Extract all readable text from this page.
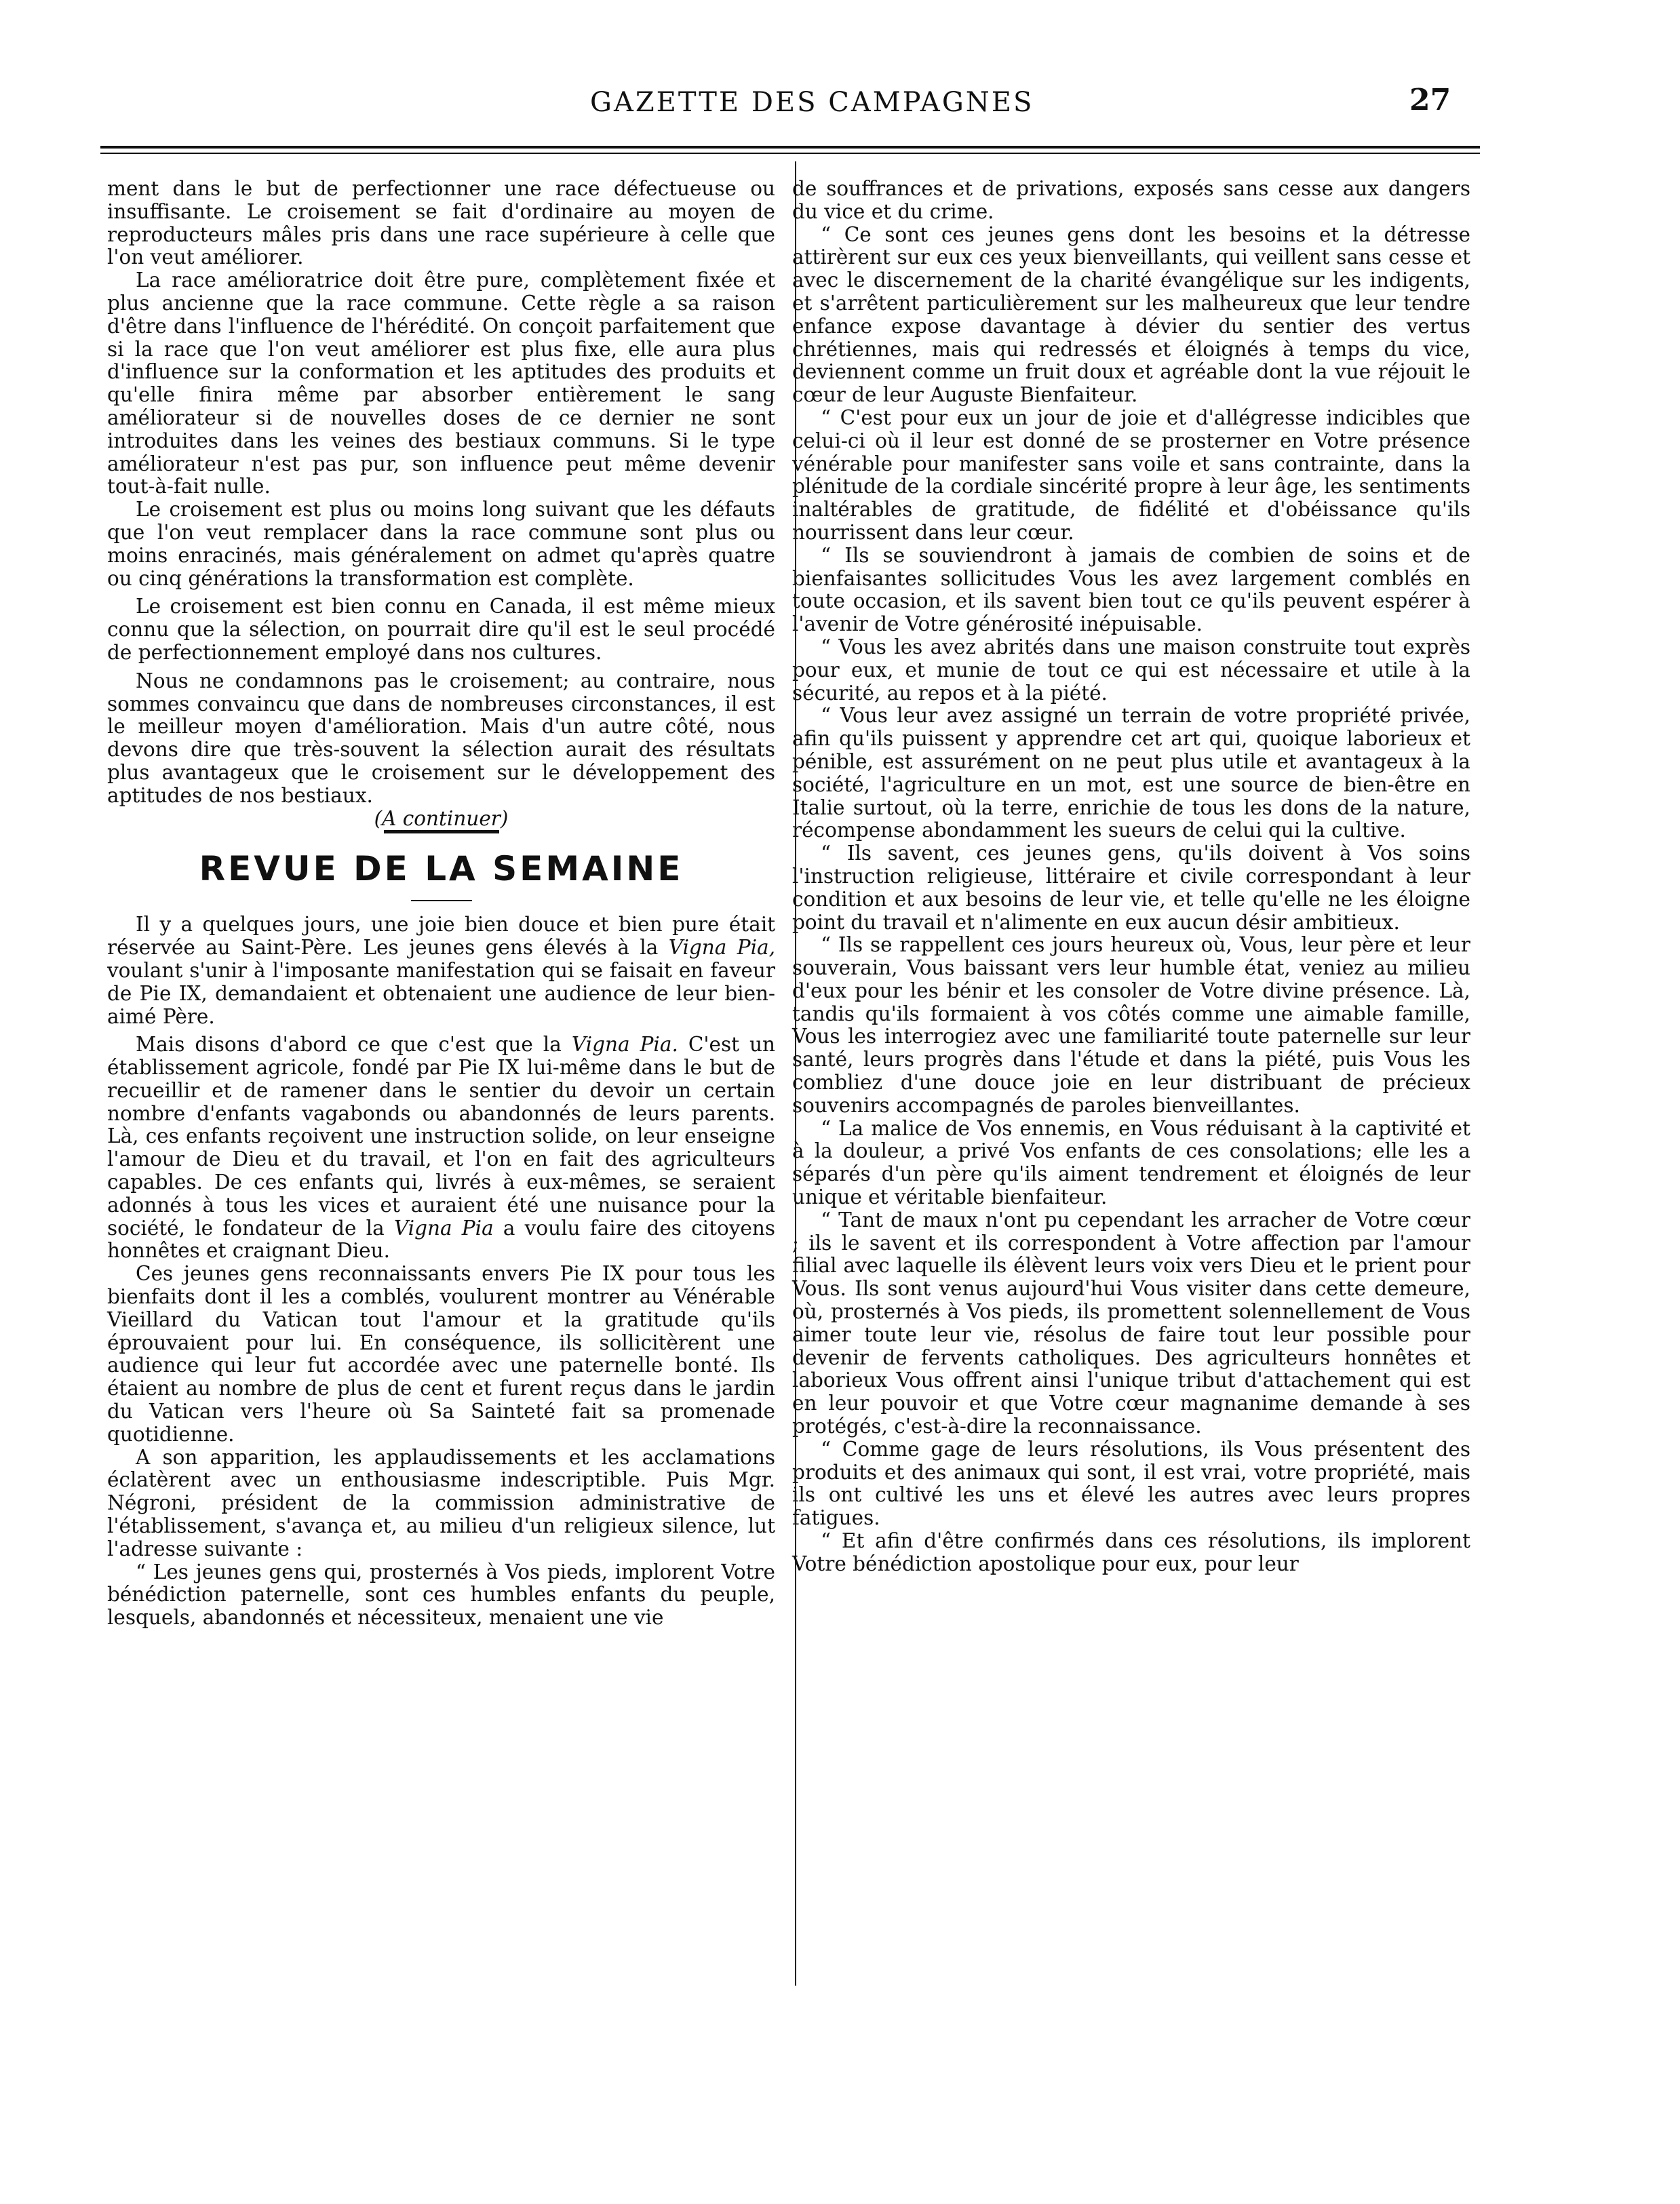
GAZETTE DES CAMPAGNES	27

ment dans le but de perfectionner une race défectueuse ou insuffisante. Le croisement se fait d'ordinaire au moyen de reproducteurs mâles pris dans une race supérieure à celle que l'on veut améliorer.

La race amélioratrice doit être pure, complètement fixée et plus ancienne que la race commune. Cette règle a sa raison d'être dans l'influence de l'hérédité. On conçoit parfaitement que si la race que l'on veut améliorer est plus fixe, elle aura plus d'influence sur la conformation et les aptitudes des produits et qu'elle finira même par absorber entièrement le sang améliorateur si de nouvelles doses de ce dernier ne sont introduites dans les veines des bestiaux communs. Si le type améliorateur n'est pas pur, son influence peut même devenir tout-à-fait nulle.

Le croisement est plus ou moins long suivant que les défauts que l'on veut remplacer dans la race commune sont plus ou moins enracinés, mais généralement on admet qu'après quatre ou cinq générations la transformation est complète.

Le croisement est bien connu en Canada, il est même mieux connu que la sélection, on pourrait dire qu'il est le seul procédé de perfectionnement employé dans nos cultures.

Nous ne condamnons pas le croisement; au contraire, nous sommes convaincu que dans de nombreuses circonstances, il est le meilleur moyen d'amélioration. Mais d'un autre côté, nous devons dire que très-souvent la sélection aurait des résultats plus avantageux que le croisement sur le développement des aptitudes de nos bestiaux.

(A continuer)

REVUE DE LA SEMAINE

Il y a quelques jours, une joie bien douce et bien pure était réservée au Saint-Père. Les jeunes gens élevés à la Vigna Pia, voulant s'unir à l'imposante manifestation qui se faisait en faveur de Pie IX, demandaient et obtenaient une audience de leur bien-aimé Père.

Mais disons d'abord ce que c'est que la Vigna Pia. C'est un établissement agricole, fondé par Pie IX lui-même dans le but de recueillir et de ramener dans le sentier du devoir un certain nombre d'enfants vagabonds ou abandonnés de leurs parents. Là, ces enfants reçoivent une instruction solide, on leur enseigne l'amour de Dieu et du travail, et l'on en fait des agriculteurs capables. De ces enfants qui, livrés à eux-mêmes, se seraient adonnés à tous les vices et auraient été une nuisance pour la société, le fondateur de la Vigna Pia a voulu faire des citoyens honnêtes et craignant Dieu.

Ces jeunes gens reconnaissants envers Pie IX pour tous les bienfaits dont il les a comblés, voulurent montrer au Vénérable Vieillard du Vatican tout l'amour et la gratitude qu'ils éprouvaient pour lui. En conséquence, ils sollicitèrent une audience qui leur fut accordée avec une paternelle bonté. Ils étaient au nombre de plus de cent et furent reçus dans le jardin du Vatican vers l'heure où Sa Sainteté fait sa promenade quotidienne.

A son apparition, les applaudissements et les acclamations éclatèrent avec un enthousiasme indescriptible. Puis Mgr. Négroni, président de la commission administrative de l'établissement, s'avança et, au milieu d'un religieux silence, lut l'adresse suivante :

“ Les jeunes gens qui, prosternés à Vos pieds, implorent Votre bénédiction paternelle, sont ces humbles enfants du peuple, lesquels, abandonnés et nécessiteux, menaient une vie

de souffrances et de privations, exposés sans cesse aux dangers du vice et du crime.

“ Ce sont ces jeunes gens dont les besoins et la détresse attirèrent sur eux ces yeux bienveillants, qui veillent sans cesse et avec le discernement de la charité évangélique sur les indigents, et s'arrêtent particulièrement sur les malheureux que leur tendre enfance expose davantage à dévier du sentier des vertus chrétiennes, mais qui redressés et éloignés à temps du vice, deviennent comme un fruit doux et agréable dont la vue réjouit le cœur de leur Auguste Bienfaiteur.

“ C'est pour eux un jour de joie et d'allégresse indicibles que celui-ci où il leur est donné de se prosterner en Votre présence vénérable pour manifester sans voile et sans contrainte, dans la plénitude de la cordiale sincérité propre à leur âge, les sentiments inaltérables de gratitude, de fidélité et d'obéissance qu'ils nourrissent dans leur cœur.

“ Ils se souviendront à jamais de combien de soins et de bienfaisantes sollicitudes Vous les avez largement comblés en toute occasion, et ils savent bien tout ce qu'ils peuvent espérer à l'avenir de Votre générosité inépuisable.

“ Vous les avez abrités dans une maison construite tout exprès pour eux, et munie de tout ce qui est nécessaire et utile à la sécurité, au repos et à la piété.

“ Vous leur avez assigné un terrain de votre propriété privée, afin qu'ils puissent y apprendre cet art qui, quoique laborieux et pénible, est assurément on ne peut plus utile et avantageux à la société, l'agriculture en un mot, est une source de bien-être en Italie surtout, où la terre, enrichie de tous les dons de la nature, récompense abondamment les sueurs de celui qui la cultive.

“ Ils savent, ces jeunes gens, qu'ils doivent à Vos soins l'instruction religieuse, littéraire et civile correspondant à leur condition et aux besoins de leur vie, et telle qu'elle ne les éloigne point du travail et n'alimente en eux aucun désir ambitieux.

“ Ils se rappellent ces jours heureux où, Vous, leur père et leur souverain, Vous baissant vers leur humble état, veniez au milieu d'eux pour les bénir et les consoler de Votre divine présence. Là, tandis qu'ils formaient à vos côtés comme une aimable famille, Vous les interrogiez avec une familiarité toute paternelle sur leur santé, leurs progrès dans l'étude et dans la piété, puis Vous les combliez d'une douce joie en leur distribuant de précieux souvenirs accompagnés de paroles bienveillantes.

“ La malice de Vos ennemis, en Vous réduisant à la captivité et à la douleur, a privé Vos enfants de ces consolations; elle les a séparés d'un père qu'ils aiment tendrement et éloignés de leur unique et véritable bienfaiteur.

“ Tant de maux n'ont pu cependant les arracher de Votre cœur ; ils le savent et ils correspondent à Votre affection par l'amour filial avec laquelle ils élèvent leurs voix vers Dieu et le prient pour Vous. Ils sont venus aujourd'hui Vous visiter dans cette demeure, où, prosternés à Vos pieds, ils promettent solennellement de Vous aimer toute leur vie, résolus de faire tout leur possible pour devenir de fervents catholiques. Des agriculteurs honnêtes et laborieux Vous offrent ainsi l'unique tribut d'attachement qui est en leur pouvoir et que Votre cœur magnanime demande à ses protégés, c'est-à-dire la reconnaissance.

“ Comme gage de leurs résolutions, ils Vous présentent des produits et des animaux qui sont, il est vrai, votre propriété, mais ils ont cultivé les uns et élevé les autres avec leurs propres fatigues.

“ Et afin d'être confirmés dans ces résolutions, ils implorent Votre bénédiction apostolique pour eux, pour leur
